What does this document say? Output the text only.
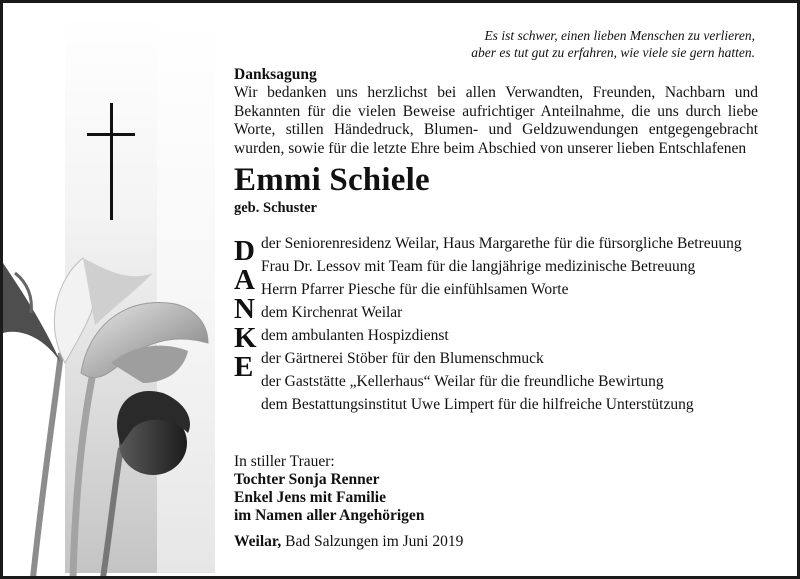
Es ist schwer, einen lieben Menschen zu verlieren,
aber es tut gut zu erfahren, wie viele sie gern hatten.
Danksagung
Wir bedanken uns herzlichst bei allen Verwandten, Freunden, Nachbarn und Bekannten für die vielen Beweise aufrichtiger Anteilnahme, die uns durch liebe Worte, stillen Händedruck, Blumen- und Geldzuwendungen entgegengebracht wurden, sowie für die letzte Ehre beim Abschied von unserer lieben Entschlafenen
Emmi Schiele
geb. Schuster
D
A
N
K
E
der Seniorenresidenz Weilar, Haus Margarethe für die fürsorgliche Betreuung
Frau Dr. Lessov mit Team für die langjährige medizinische Betreuung
Herrn Pfarrer Piesche für die einfühlsamen Worte
dem Kirchenrat Weilar
dem ambulanten Hospizdienst
der Gärtnerei Stöber für den Blumenschmuck
der Gaststätte „Kellerhaus“ Weilar für die freundliche Bewirtung
dem Bestattungsinstitut Uwe Limpert für die hilfreiche Unterstützung
In stiller Trauer:
Tochter Sonja Renner
Enkel Jens mit Familie
im Namen aller Angehörigen
Weilar, Bad Salzungen im Juni 2019
